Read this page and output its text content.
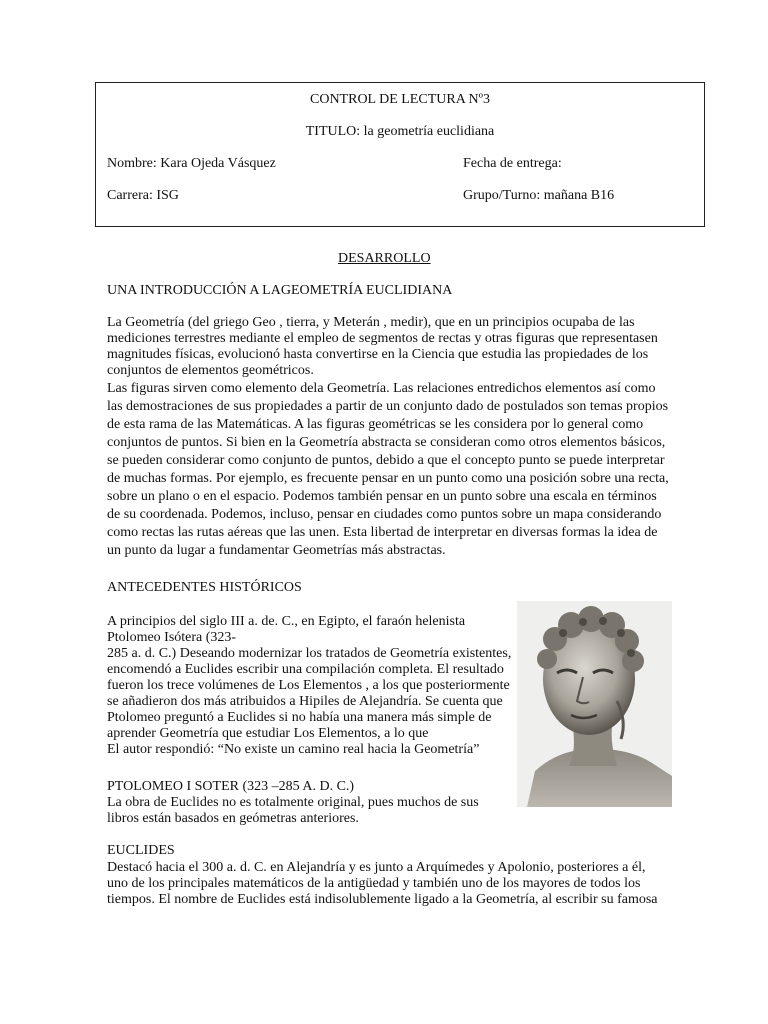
CONTROL DE LECTURA Nº3
TITULO: la geometría euclidiana
Nombre: Kara Ojeda Vásquez	Fecha de entrega:
Carrera: ISG	Grupo/Turno: mañana B16
DESARROLLO
UNA INTRODUCCIÓN A LAGEOMETRÍA EUCLIDIANA
La Geometría (del griego Geo , tierra, y Meterán , medir), que en un principios ocupaba de las
mediciones terrestres mediante el empleo de segmentos de rectas y otras figuras que representasen
magnitudes físicas, evolucionó hasta convertirse en la Ciencia que estudia las propiedades de los
conjuntos de elementos geométricos.
Las figuras sirven como elemento dela Geometría. Las relaciones entredichos elementos así como
las demostraciones de sus propiedades a partir de un conjunto dado de postulados son temas propios
de esta rama de las Matemáticas. A las figuras geométricas se les considera por lo general como
conjuntos de puntos. Si bien en la Geometría abstracta se consideran como otros elementos básicos,
se pueden considerar como conjunto de puntos, debido a que el concepto punto se puede interpretar
de muchas formas. Por ejemplo, es frecuente pensar en un punto como una posición sobre una recta,
sobre un plano o en el espacio. Podemos también pensar en un punto sobre una escala en términos
de su coordenada. Podemos, incluso, pensar en ciudades como puntos sobre un mapa considerando
como rectas las rutas aéreas que las unen. Esta libertad de interpretar en diversas formas la idea de
un punto da lugar a fundamentar Geometrías más abstractas.
ANTECEDENTES HISTÓRICOS
A principios del siglo III a. de. C., en Egipto, el faraón helenista
Ptolomeo Isótera (323-
285 a. d. C.) Deseando modernizar los tratados de Geometría existentes,
encomendó a Euclides escribir una compilación completa. El resultado
fueron los trece volúmenes de Los Elementos , a los que posteriormente
se añadieron dos más atribuidos a Hipiles de Alejandría. Se cuenta que
Ptolomeo preguntó a Euclides si no había una manera más simple de
aprender Geometría que estudiar Los Elementos, a lo que
El autor respondió: “No existe un camino real hacia la Geometría”
PTOLOMEO I SOTER (323 –285 A. D. C.)
La obra de Euclides no es totalmente original, pues muchos de sus
libros están basados en geómetras anteriores.
EUCLIDES
Destacó hacia el 300 a. d. C. en Alejandría y es junto a Arquímedes y Apolonio, posteriores a él,
uno de los principales matemáticos de la antigüedad y también uno de los mayores de todos los
tiempos. El nombre de Euclides está indisolublemente ligado a la Geometría, al escribir su famosa
